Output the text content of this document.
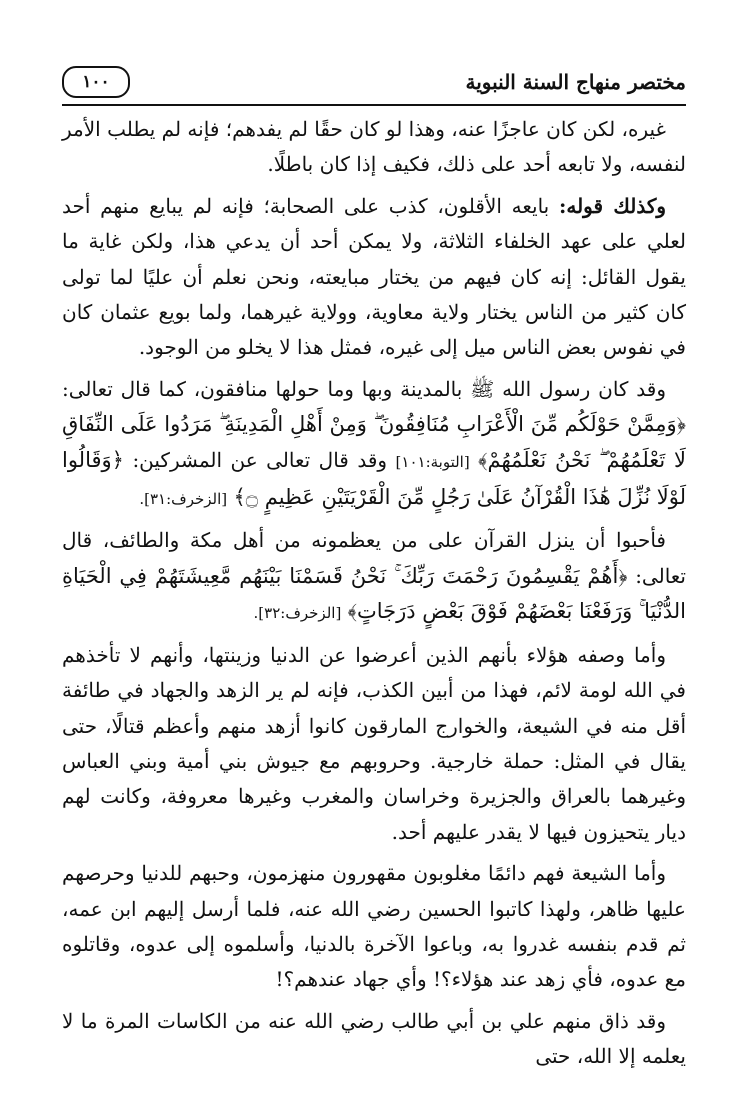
مختصر منهاج السنة النبوية
١٠٠

غيره، لكن كان عاجزًا عنه، وهذا لو كان حقًا لم يفدهم؛ فإنه لم يطلب الأمر لنفسه، ولا تابعه أحد على ذلك، فكيف إذا كان باطلًا.

وكذلك قوله: بايعه الأقلون، كذب على الصحابة؛ فإنه لم يبايع منهم أحد لعلي على عهد الخلفاء الثلاثة، ولا يمكن أحد أن يدعي هذا، ولكن غاية ما يقول القائل: إنه كان فيهم من يختار مبايعته، ونحن نعلم أن عليًا لما تولى كان كثير من الناس يختار ولاية معاوية، وولاية غيرهما، ولما بويع عثمان كان في نفوس بعض الناس ميل إلى غيره، فمثل هذا لا يخلو من الوجود.

وقد كان رسول الله ﷺ بالمدينة وبها وما حولها منافقون، كما قال تعالى: ﴿وَمِمَّنْ حَوْلَكُم مِّنَ الْأَعْرَابِ مُنَافِقُونَ ۖ وَمِنْ أَهْلِ الْمَدِينَةِ ۖ مَرَدُوا عَلَى النِّفَاقِ لَا تَعْلَمُهُمْ ۖ نَحْنُ نَعْلَمُهُمْ﴾ [التوبة:١٠١] وقد قال تعالى عن المشركين: ﴿وَقَالُوا لَوْلَا نُزِّلَ هَٰذَا الْقُرْآنُ عَلَىٰ رَجُلٍ مِّنَ الْقَرْيَتَيْنِ عَظِيمٍ ۝﴾ [الزخرف:٣١].

فأحبوا أن ينزل القرآن على من يعظمونه من أهل مكة والطائف، قال تعالى: ﴿أَهُمْ يَقْسِمُونَ رَحْمَتَ رَبِّكَ ۚ نَحْنُ قَسَمْنَا بَيْنَهُم مَّعِيشَتَهُمْ فِي الْحَيَاةِ الدُّنْيَا ۚ وَرَفَعْنَا بَعْضَهُمْ فَوْقَ بَعْضٍ دَرَجَاتٍ﴾ [الزخرف:٣٢].

وأما وصفه هؤلاء بأنهم الذين أعرضوا عن الدنيا وزينتها، وأنهم لا تأخذهم في الله لومة لائم، فهذا من أبين الكذب، فإنه لم ير الزهد والجهاد في طائفة أقل منه في الشيعة، والخوارج المارقون كانوا أزهد منهم وأعظم قتالًا، حتى يقال في المثل: حملة خارجية. وحروبهم مع جيوش بني أمية وبني العباس وغيرهما بالعراق والجزيرة وخراسان والمغرب وغيرها معروفة، وكانت لهم ديار يتحيزون فيها لا يقدر عليهم أحد.

وأما الشيعة فهم دائمًا مغلوبون مقهورون منهزمون، وحبهم للدنيا وحرصهم عليها ظاهر، ولهذا كاتبوا الحسين رضي الله عنه، فلما أرسل إليهم ابن عمه، ثم قدم بنفسه غدروا به، وباعوا الآخرة بالدنيا، وأسلموه إلى عدوه، وقاتلوه مع عدوه، فأي زهد عند هؤلاء؟! وأي جهاد عندهم؟!

وقد ذاق منهم علي بن أبي طالب رضي الله عنه من الكاسات المرة ما لا يعلمه إلا الله، حتى
